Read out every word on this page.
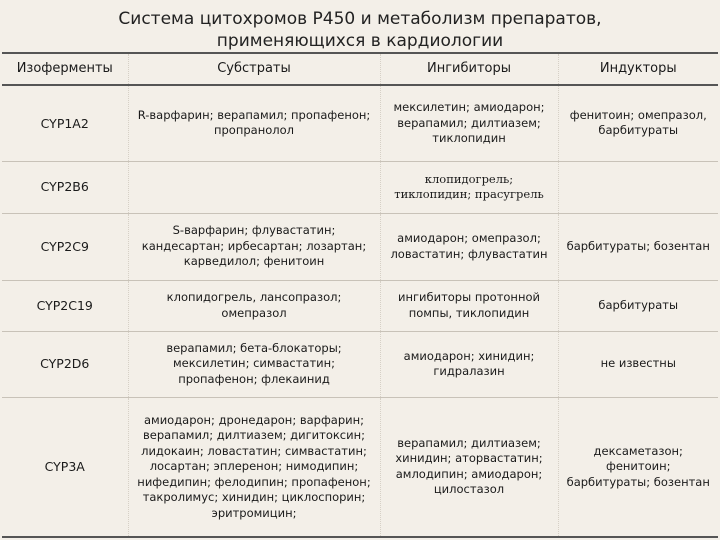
Система цитохромов Р450 и метаболизм препаратов,
применяющихся в кардиологии
Изоферменты	Субстраты	Ингибиторы	Индукторы
CYP1A2	R-варфарин; верапамил; пропафенон; пропранолол	мексилетин; амиодарон; верапамил; дилтиазем; тиклопидин	фенитоин; омепразол, барбитураты
CYP2B6		клопидогрель; тиклопидин; прасугрель	
CYP2C9	S-варфарин; флувастатин; кандесартан; ирбесартан; лозартан; карведилол; фенитоин	амиодарон; омепразол; ловастатин; флувастатин	барбитураты; бозентан
CYP2C19	клопидогрель, лансопразол; омепразол	ингибиторы протонной помпы, тиклопидин	барбитураты
CYP2D6	верапамил; бета-блокаторы; мексилетин; симвастатин; пропафенон; флекаинид	амиодарон; хинидин; гидралазин	не известны
CYP3A	амиодарон; дронедарон; варфарин; верапамил; дилтиазем; дигитоксин; лидокаин; ловастатин; симвастатин; лосартан; эплеренон; нимодипин; нифедипин; фелодипин; пропафенон; такролимус; хинидин; циклоспорин; эритромицин;	верапамил; дилтиазем; хинидин; аторвастатин; амлодипин; амиодарон; цилостазол	дексаметазон; фенитоин; барбитураты; бозентан
